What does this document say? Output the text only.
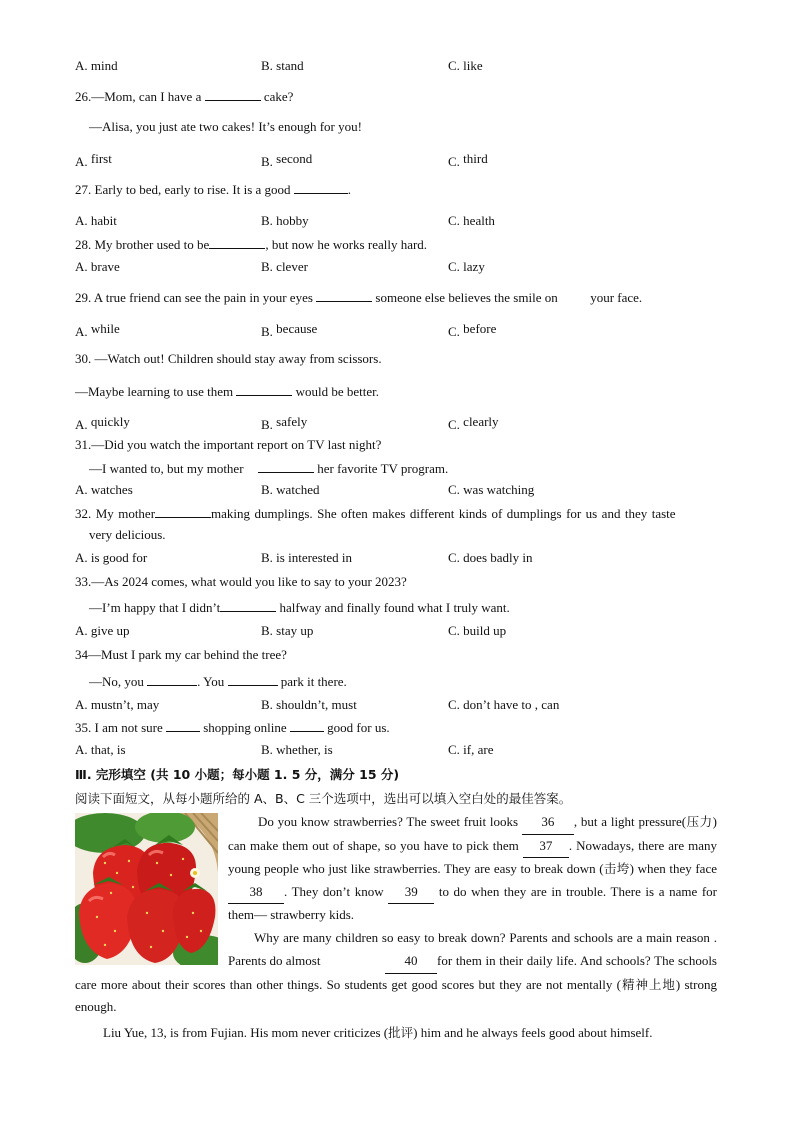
A. mind	B. stand	C. like
26.—Mom, can I have a	cake?
—Alisa, you just ate two cakes! It’s enough for you!
A. first	B. second	C. third
27. Early to bed, early to rise. It is a good	.
A. habit	B. hobby	C. health
28. My brother used to be	, but now he works really hard.
A. brave	B. clever	C. lazy
29. A true friend can see the pain in your eyes	someone else believes the smile on	your face.
A. while	B. because	C. before
30. —Watch out! Children should stay away from scissors.
—Maybe learning to use them	would be better.
A. quickly	B. safely	C. clearly
31.—Did you watch the important report on TV last night?
—I wanted to, but my mother	her favorite TV program.
A. watches	B. watched	C. was watching
32. My mother	making dumplings. She often makes different kinds of dumplings for us and they taste
very delicious.
A. is good for	B. is interested in	C. does badly in
33.—As 2024 comes, what would you like to say to your 2023?
—I’m happy that I didn’t	halfway and finally found what I truly want.
A. give up	B. stay up	C. build up
34—Must I park my car behind the tree?
—No, you	. You	park it there.
A. mustn’t, may	B. shouldn’t, must	C. don’t have to , can
35. I am not sure	shopping online	good for us.
A. that, is	B. whether, is	C. if, are
Ⅲ. 完形填空 (共 10 小题；每小题 1. 5 分，满分 15 分)
阅读下面短文，从每小题所给的 A、B、C 三个选项中，选出可以填入空白处的最佳答案。
Do you know strawberries? The sweet fruit looks 36 , but a light pressure(压力) can make them out of shape, so you have to pick them 37 . Nowadays, there are many young people who just like strawberries. They are easy to break down (击垮) when they face 38 . They don’t know 39 to do when they are in trouble. There is a name for them— strawberry kids.
Why are many children so easy to break down? Parents and schools are a main reason . Parents do almost	40 for them in their daily life. And schools? The schools care more about their scores than other things. So students get good scores but they are not mentally (精神上地) strong enough.
Liu Yue, 13, is from Fujian. His mom never criticizes (批评) him and he always feels good about himself.
